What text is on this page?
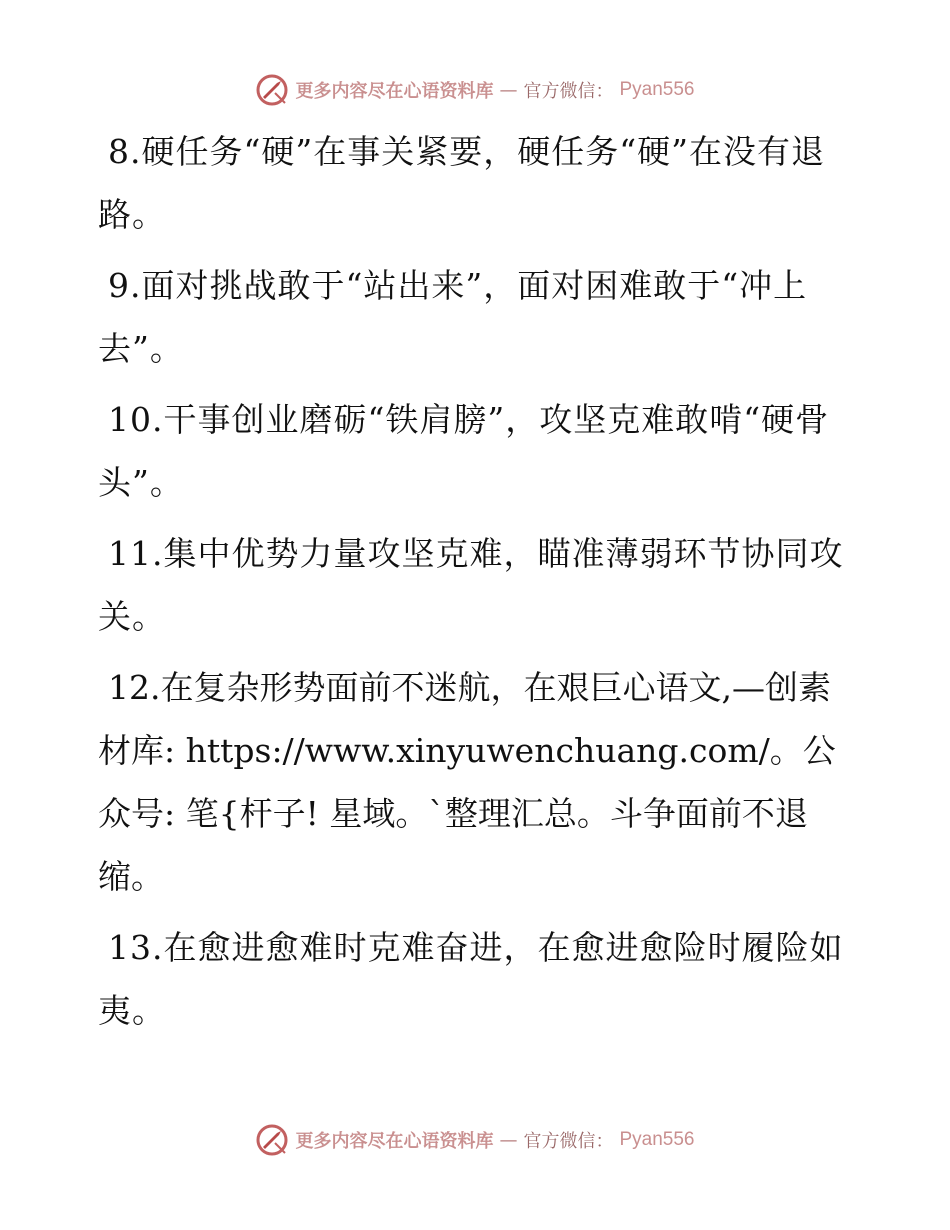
更多内容尽在心语资料库 — 官方微信： Pyan556

8.硬任务“硬”在事关紧要，硬任务“硬”在没有退路。

9.面对挑战敢于“站出来”，面对困难敢于“冲上去”。

10.干事创业磨砺“铁肩膀”，攻坚克难敢啃“硬骨头”。

11.集中优势力量攻坚克难，瞄准薄弱环节协同攻关。

12.在复杂形势面前不迷航，在艰巨心语文,—创素材库: https://www.xinyuwenchuang.com/。公众号: 笔{杆子! 星域。`整理汇总。斗争面前不退缩。

13.在愈进愈难时克难奋进，在愈进愈险时履险如夷。

更多内容尽在心语资料库 — 官方微信： Pyan556
